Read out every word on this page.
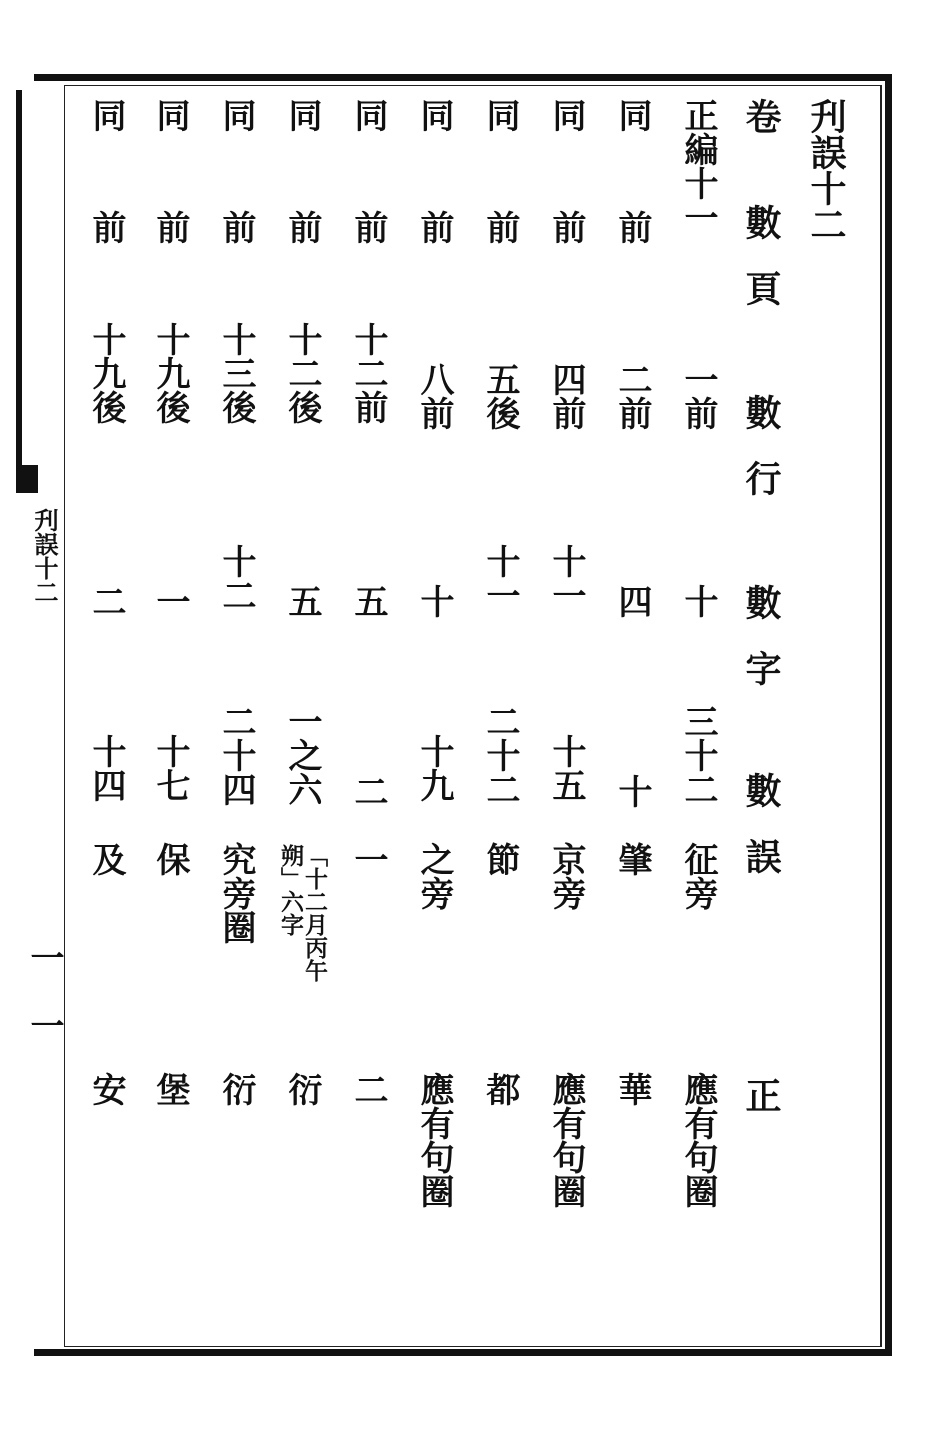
刋誤十二
一一
刋誤十二
卷
數頁
數行
數字
數誤
正
正編十一
一前
十
三十二
征旁
應有句圈
同
前
二前
四
十
肇
華
同
前
四前
十一
十五
京旁
應有句圈
同
前
五後
十一
二十二
節
都
同
前
八前
十
十九
之旁
應有句圈
同
前
十二前
五
二
一
二
同
前
十二後
五
一之六
「十二月丙午
朔」六字
衍
同
前
十三後
十二
二十四
究旁圈
衍
同
前
十九後
一
十七
保
堡
同
前
十九後
二
十四
及
安
